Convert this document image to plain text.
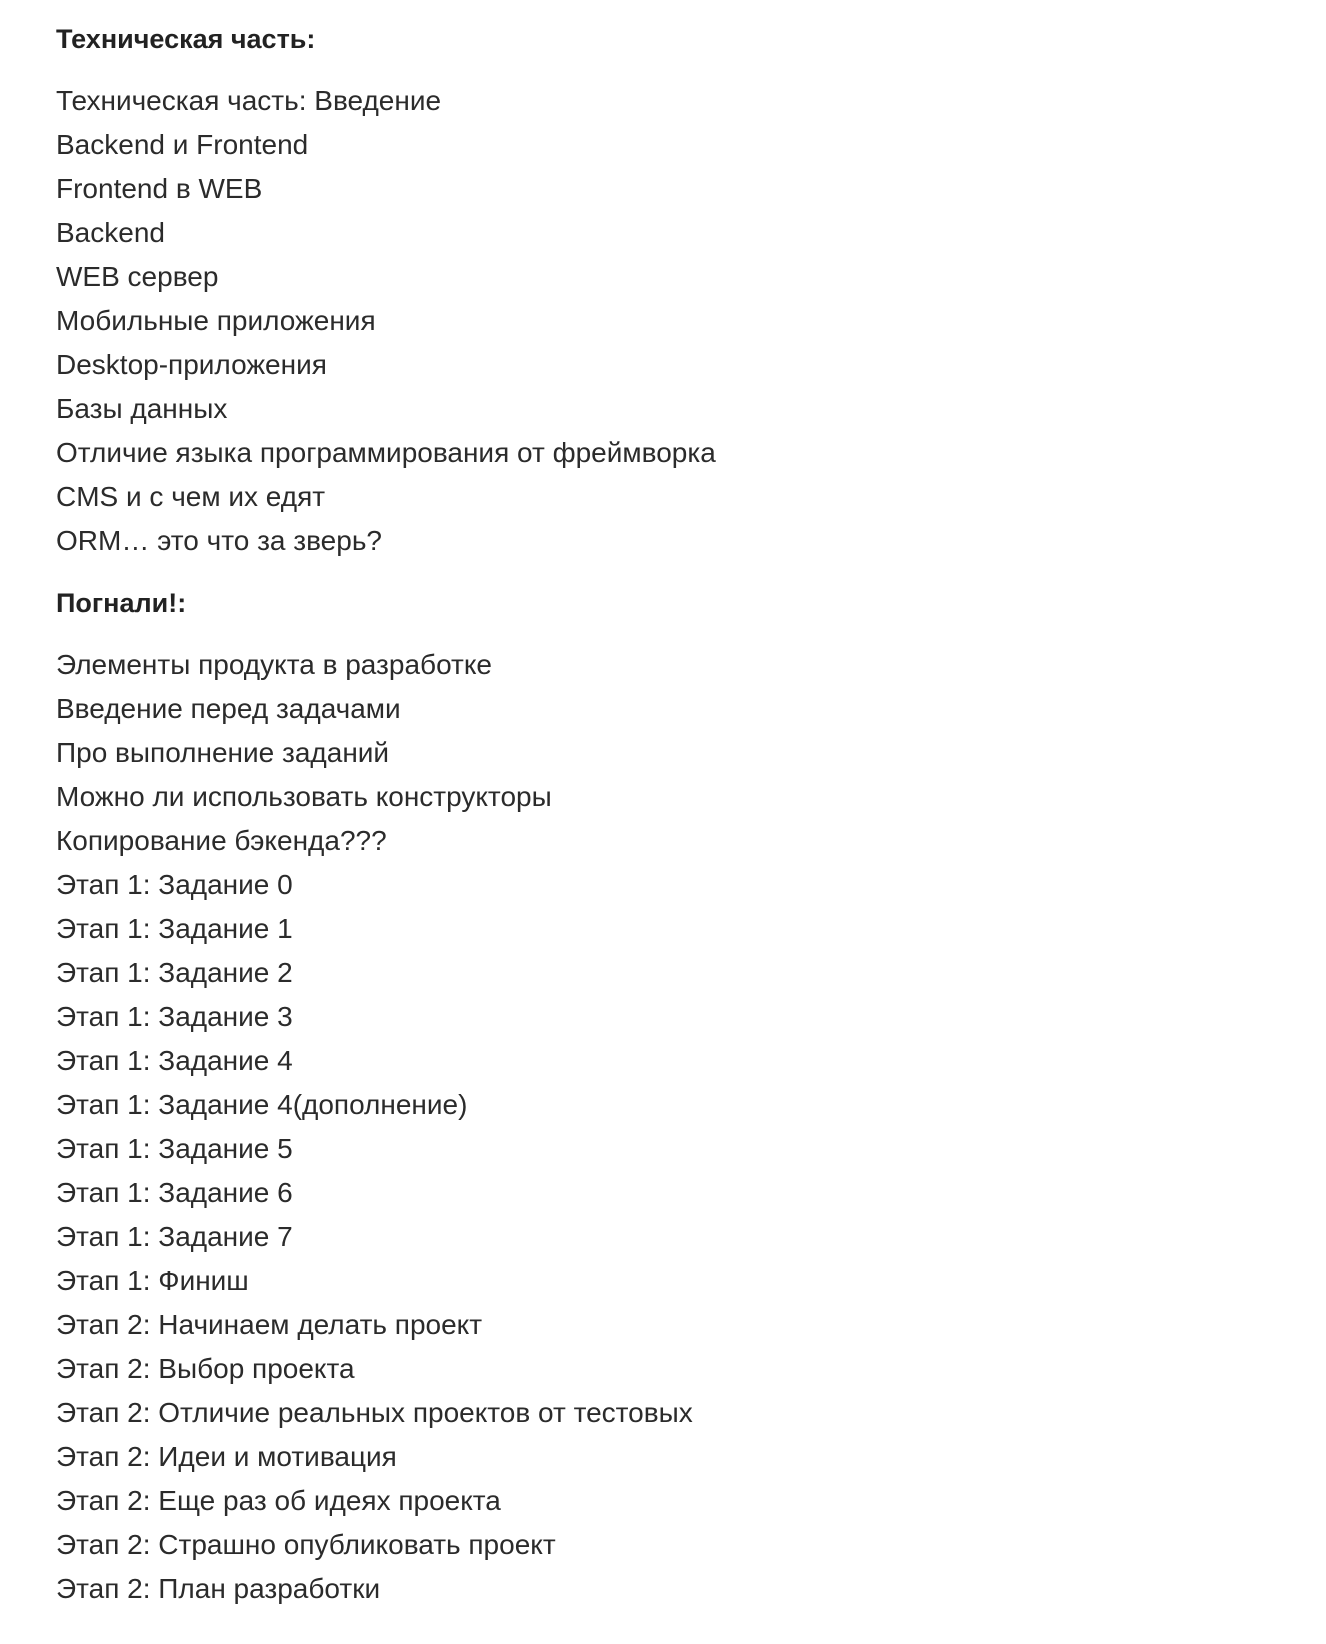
Техническая часть:
Техническая часть: Введение
Backend и Frontend
Frontend в WEB
Backend
WEB сервер
Мобильные приложения
Desktop-приложения
Базы данных
Отличие языка программирования от фреймворка
CMS и с чем их едят
ORM… это что за зверь?
Погнали!:
Элементы продукта в разработке
Введение перед задачами
Про выполнение заданий
Можно ли использовать конструкторы
Копирование бэкенда???
Этап 1: Задание 0
Этап 1: Задание 1
Этап 1: Задание 2
Этап 1: Задание 3
Этап 1: Задание 4
Этап 1: Задание 4(дополнение)
Этап 1: Задание 5
Этап 1: Задание 6
Этап 1: Задание 7
Этап 1: Финиш
Этап 2: Начинаем делать проект
Этап 2: Выбор проекта
Этап 2: Отличие реальных проектов от тестовых
Этап 2: Идеи и мотивация
Этап 2: Еще раз об идеях проекта
Этап 2: Страшно опубликовать проект
Этап 2: План разработки
